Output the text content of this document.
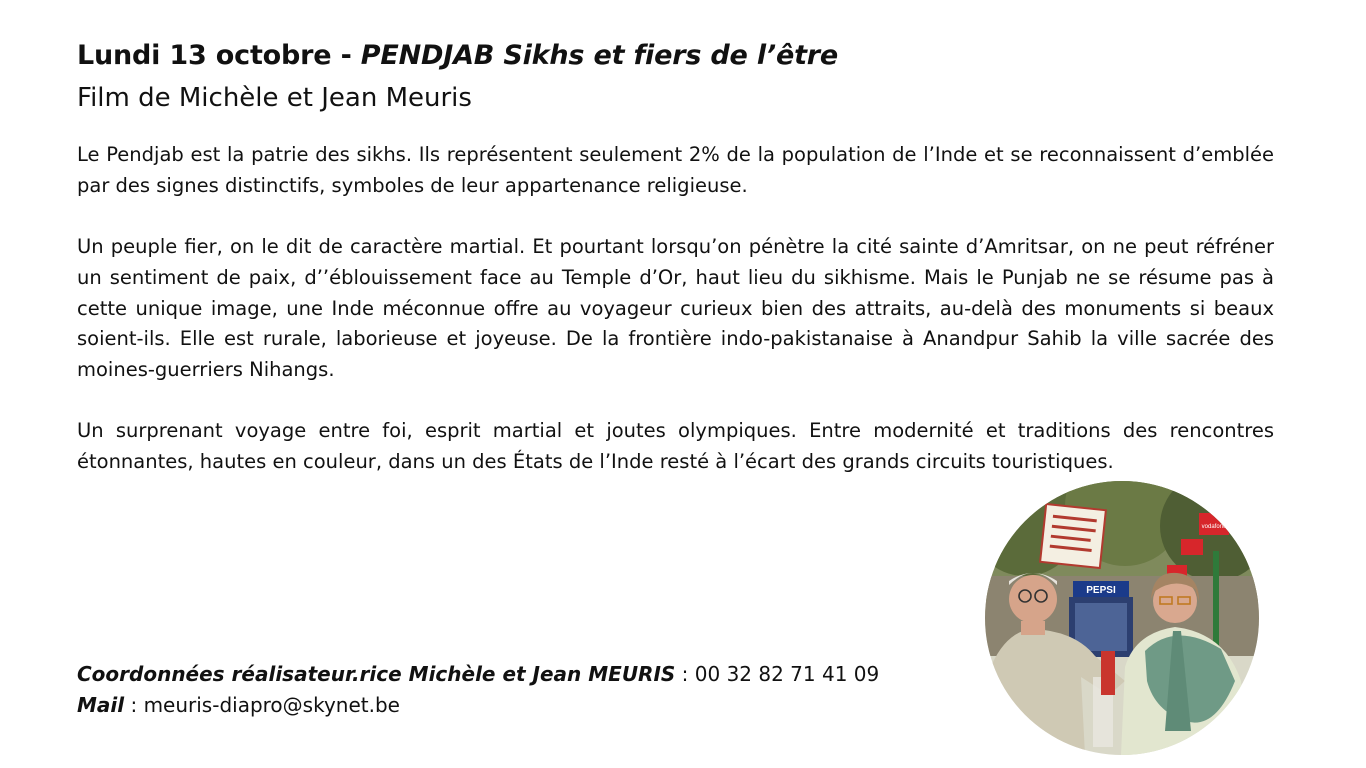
Lundi 13 octobre - PENDJAB Sikhs et fiers de l’être
Film de Michèle et Jean Meuris

Le Pendjab est la patrie des sikhs. Ils représentent seulement 2% de la population de l’Inde et se reconnaissent d’emblée par des signes distinctifs, symboles de leur appartenance religieuse.

Un peuple fier, on le dit de caractère martial. Et pourtant lorsqu’on pénètre la cité sainte d’Amritsar, on ne peut réfréner un sentiment de paix, d’’éblouissement face au Temple d’Or, haut lieu du sikhisme. Mais le Punjab ne se résume pas à cette unique image, une Inde méconnue offre au voyageur curieux bien des attraits, au-delà des monuments si beaux soient-ils. Elle est rurale, laborieuse et joyeuse. De la frontière indo-pakistanaise à Anandpur Sahib la ville sacrée des moines-guerriers Nihangs.

Un surprenant voyage entre foi, esprit martial et joutes olympiques. Entre modernité et traditions des rencontres étonnantes, hautes en couleur, dans un des États de l’Inde resté à l’écart des grands circuits touristiques.

Coordonnées réalisateur.rice Michèle et Jean MEURIS : 00 32 82 71 41 09
Mail : meuris-diapro@skynet.be
vodafone
PEPSI
